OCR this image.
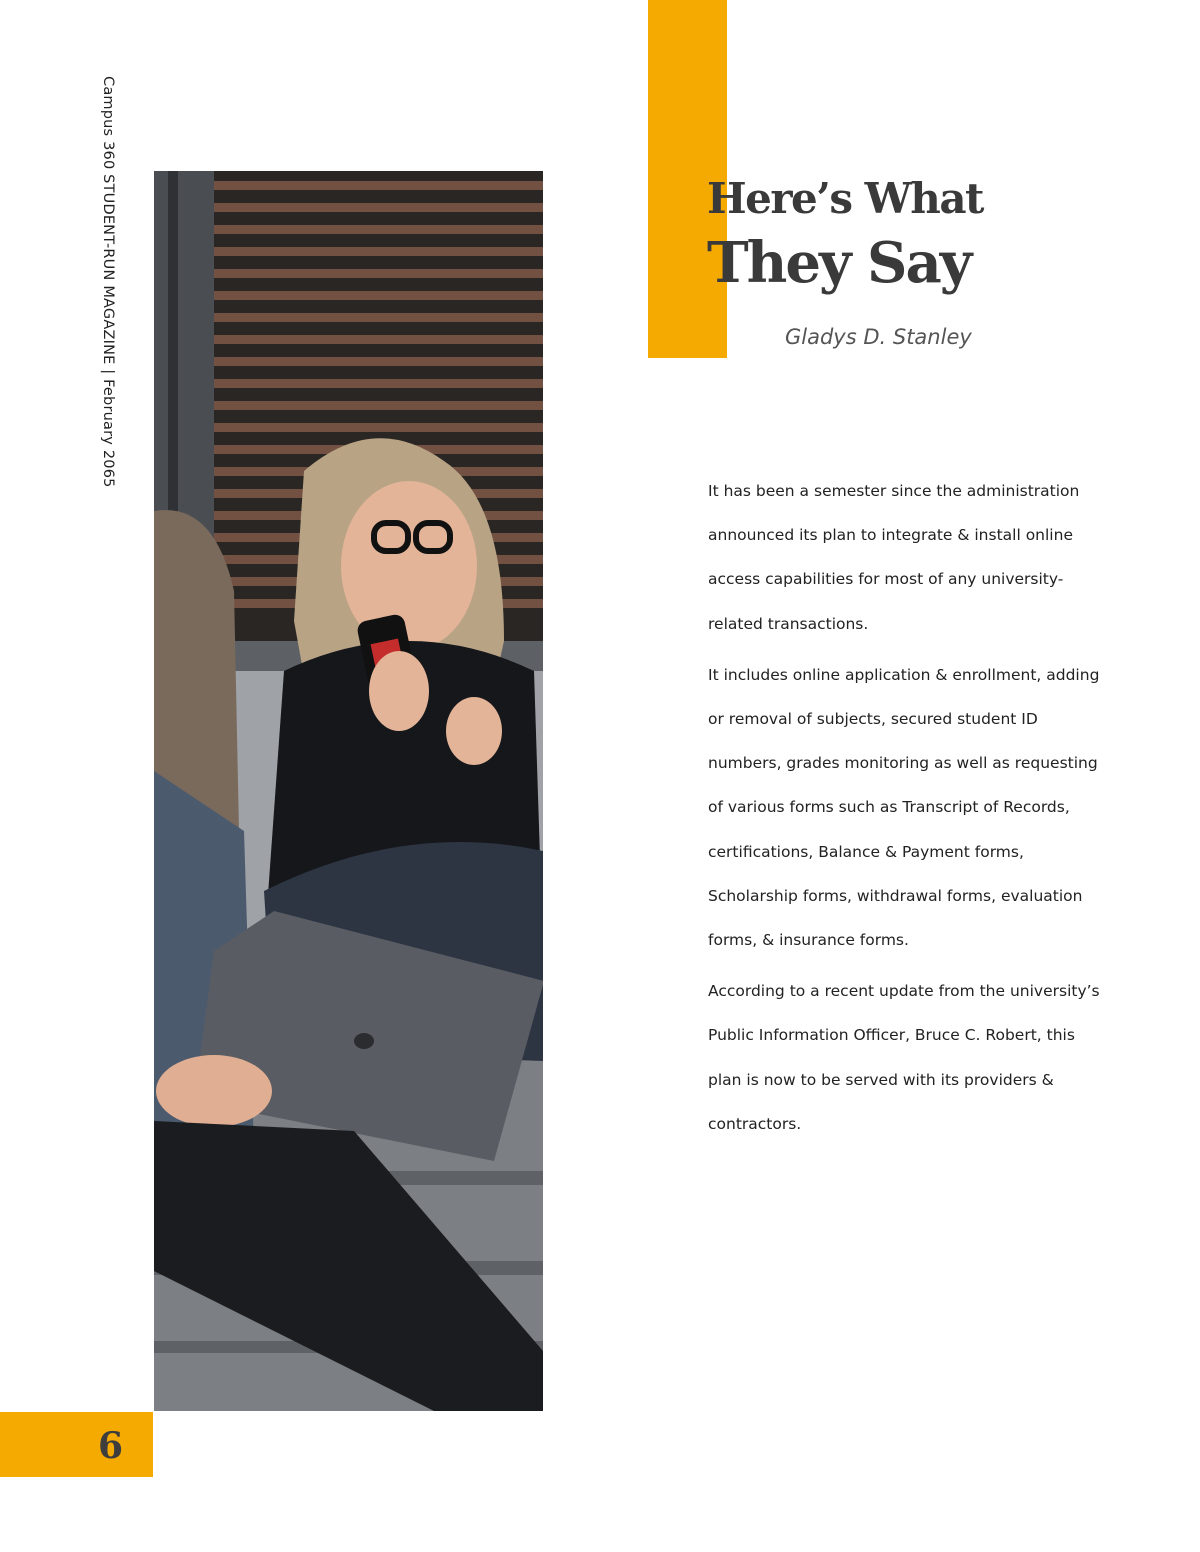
Campus 360 STUDENT-RUN MAGAZINE | February 2065
6
Here’s What
They Say
Gladys D. Stanley

It has been a semester since the administration announced its plan to integrate & install online access capabilities for most of any university-related transactions.

It includes online application & enrollment, adding or removal of subjects, secured student ID numbers, grades monitoring as well as requesting of various forms such as Transcript of Records, certifications, Balance & Payment forms, Scholarship forms, withdrawal forms, evaluation forms, & insurance forms.

According to a recent update from the university’s Public Information Officer, Bruce C. Robert, this plan is now to be served with its providers & contractors.
